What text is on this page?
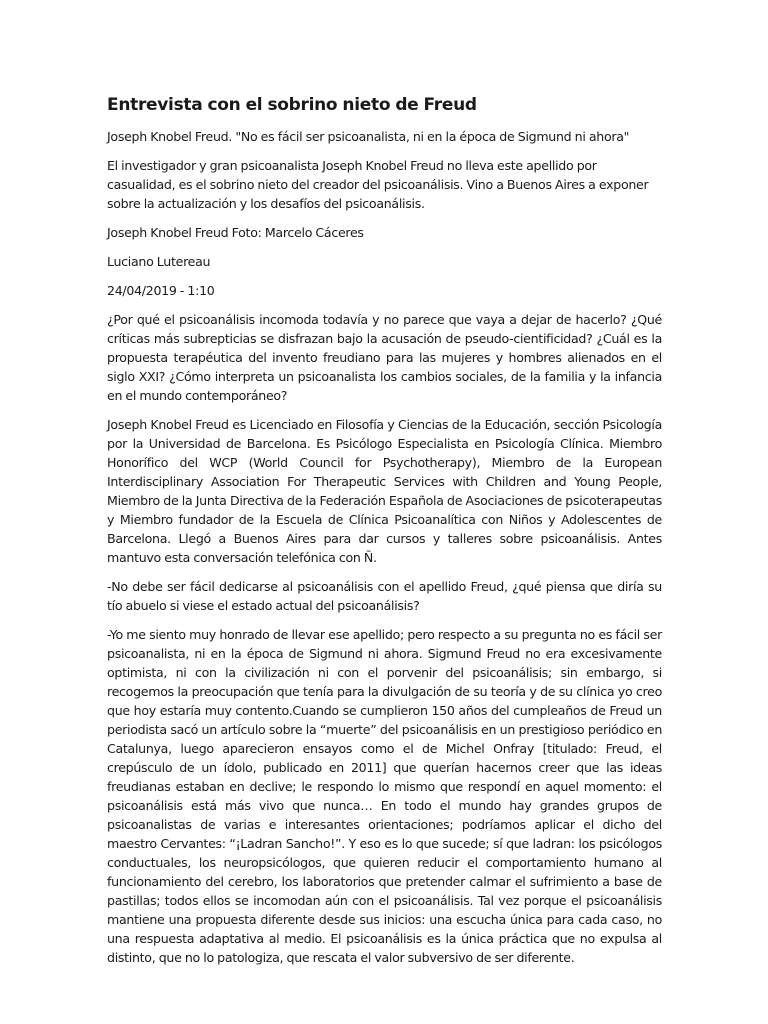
Entrevista con el sobrino nieto de Freud

Joseph Knobel Freud. "No es fácil ser psicoanalista, ni en la época de Sigmund ni ahora"

El investigador y gran psicoanalista Joseph Knobel Freud no lleva este apellido por casualidad, es el sobrino nieto del creador del psicoanálisis. Vino a Buenos Aires a exponer sobre la actualización y los desafíos del psicoanálisis.

Joseph Knobel Freud Foto: Marcelo Cáceres

Luciano Lutereau

24/04/2019 - 1:10

¿Por qué el psicoanálisis incomoda todavía y no parece que vaya a dejar de hacerlo? ¿Qué críticas más subrepticias se disfrazan bajo la acusación de pseudo-cientificidad? ¿Cuál es la propuesta terapéutica del invento freudiano para las mujeres y hombres alienados en el siglo XXI? ¿Cómo interpreta un psicoanalista los cambios sociales, de la familia y la infancia en el mundo contemporáneo?

Joseph Knobel Freud es Licenciado en Filosofía y Ciencias de la Educación, sección Psicología por la Universidad de Barcelona. Es Psicólogo Especialista en Psicología Clínica. Miembro Honorífico del WCP (World Council for Psychotherapy), Miembro de la European Interdisciplinary Association For Therapeutic Services with Children and Young People, Miembro de la Junta Directiva de la Federación Española de Asociaciones de psicoterapeutas y Miembro fundador de la Escuela de Clínica Psicoanalítica con Niños y Adolescentes de Barcelona. Llegó a Buenos Aires para dar cursos y talleres sobre psicoanálisis. Antes mantuvo esta conversación telefónica con Ñ.

-No debe ser fácil dedicarse al psicoanálisis con el apellido Freud, ¿qué piensa que diría su tío abuelo si viese el estado actual del psicoanálisis?

-Yo me siento muy honrado de llevar ese apellido; pero respecto a su pregunta no es fácil ser psicoanalista, ni en la época de Sigmund ni ahora. Sigmund Freud no era excesivamente optimista, ni con la civilización ni con el porvenir del psicoanálisis; sin embargo, si recogemos la preocupación que tenía para la divulgación de su teoría y de su clínica yo creo que hoy estaría muy contento.Cuando se cumplieron 150 años del cumpleaños de Freud un periodista sacó un artículo sobre la “muerte” del psicoanálisis en un prestigioso periódico en Catalunya, luego aparecieron ensayos como el de Michel Onfray [titulado: Freud, el crepúsculo de un ídolo, publicado en 2011] que querían hacernos creer que las ideas freudianas estaban en declive; le respondo lo mismo que respondí en aquel momento: el psicoanálisis está más vivo que nunca… En todo el mundo hay grandes grupos de psicoanalistas de varias e interesantes orientaciones; podríamos aplicar el dicho del maestro Cervantes: “¡Ladran Sancho!”. Y eso es lo que sucede; sí que ladran: los psicólogos conductuales, los neuropsicólogos, que quieren reducir el comportamiento humano al funcionamiento del cerebro, los laboratorios que pretender calmar el sufrimiento a base de pastillas; todos ellos se incomodan aún con el psicoanálisis. Tal vez porque el psicoanálisis mantiene una propuesta diferente desde sus inicios: una escucha única para cada caso, no una respuesta adaptativa al medio. El psicoanálisis es la única práctica que no expulsa al distinto, que no lo patologiza, que rescata el valor subversivo de ser diferente.
